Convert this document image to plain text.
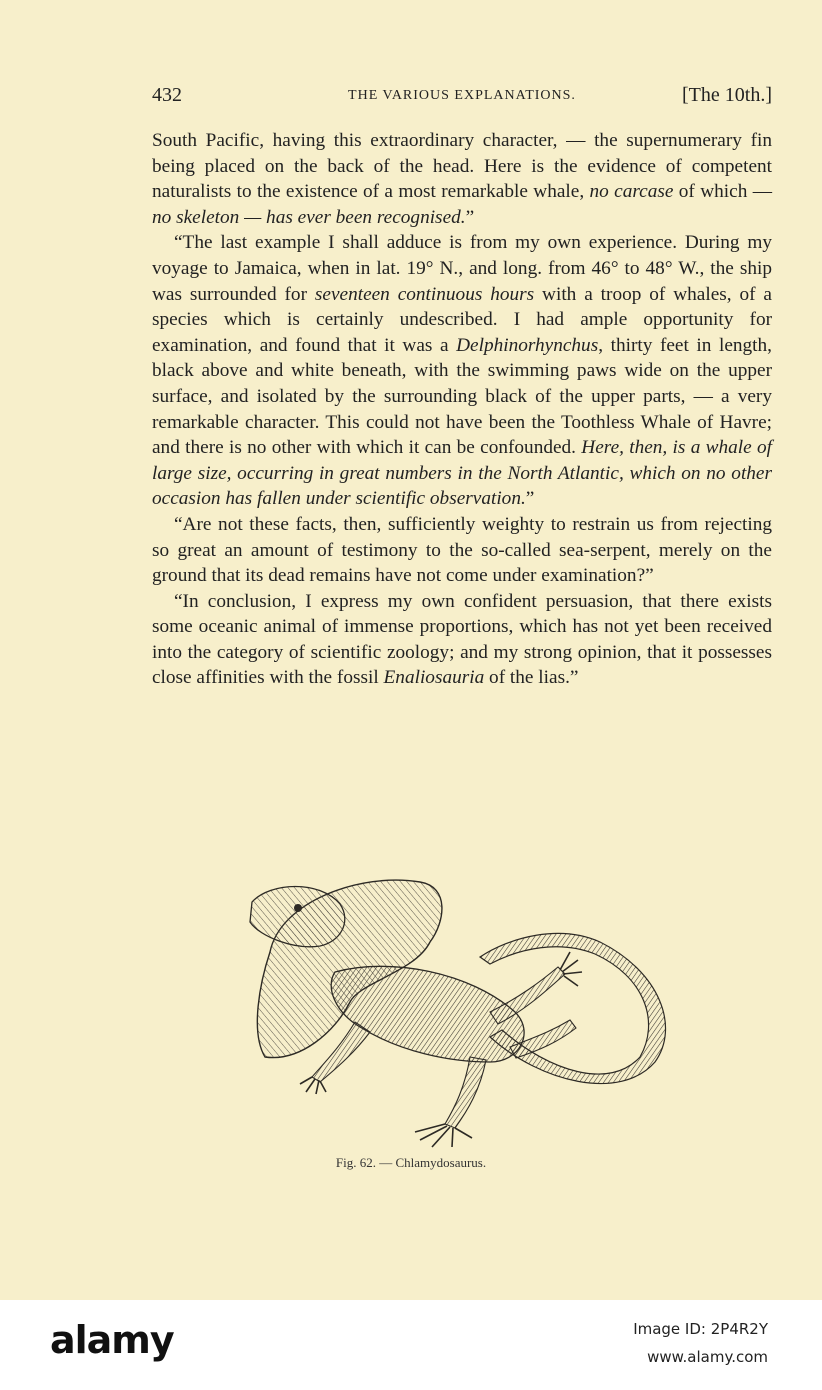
432	THE VARIOUS EXPLANATIONS.	[The 10th.]

South Pacific, having this extraordinary character, — the supernumerary fin being placed on the back of the head. Here is the evidence of competent naturalists to the existence of a most remarkable whale, no carcase of which — no skeleton — has ever been recognised.”

“The last example I shall adduce is from my own experience. During my voyage to Jamaica, when in lat. 19° N., and long. from 46° to 48° W., the ship was surrounded for seventeen continuous hours with a troop of whales, of a species which is certainly undescribed. I had ample opportunity for examination, and found that it was a Delphinorhynchus, thirty feet in length, black above and white beneath, with the swimming paws wide on the upper surface, and isolated by the surrounding black of the upper parts, — a very remarkable character. This could not have been the Toothless Whale of Havre; and there is no other with which it can be confounded. Here, then, is a whale of large size, occurring in great numbers in the North Atlantic, which on no other occasion has fallen under scientific observation.”

“Are not these facts, then, sufficiently weighty to restrain us from rejecting so great an amount of testimony to the so-called sea-serpent, merely on the ground that its dead remains have not come under examination?”

“In conclusion, I express my own confident persuasion, that there exists some oceanic animal of immense proportions, which has not yet been received into the category of scientific zoology; and my strong opinion, that it possesses close affinities with the fossil Enaliosauria of the lias.”

Fig. 62. — Chlamydosaurus.
alamy	Image ID: 2P4R2Y
www.alamy.com
